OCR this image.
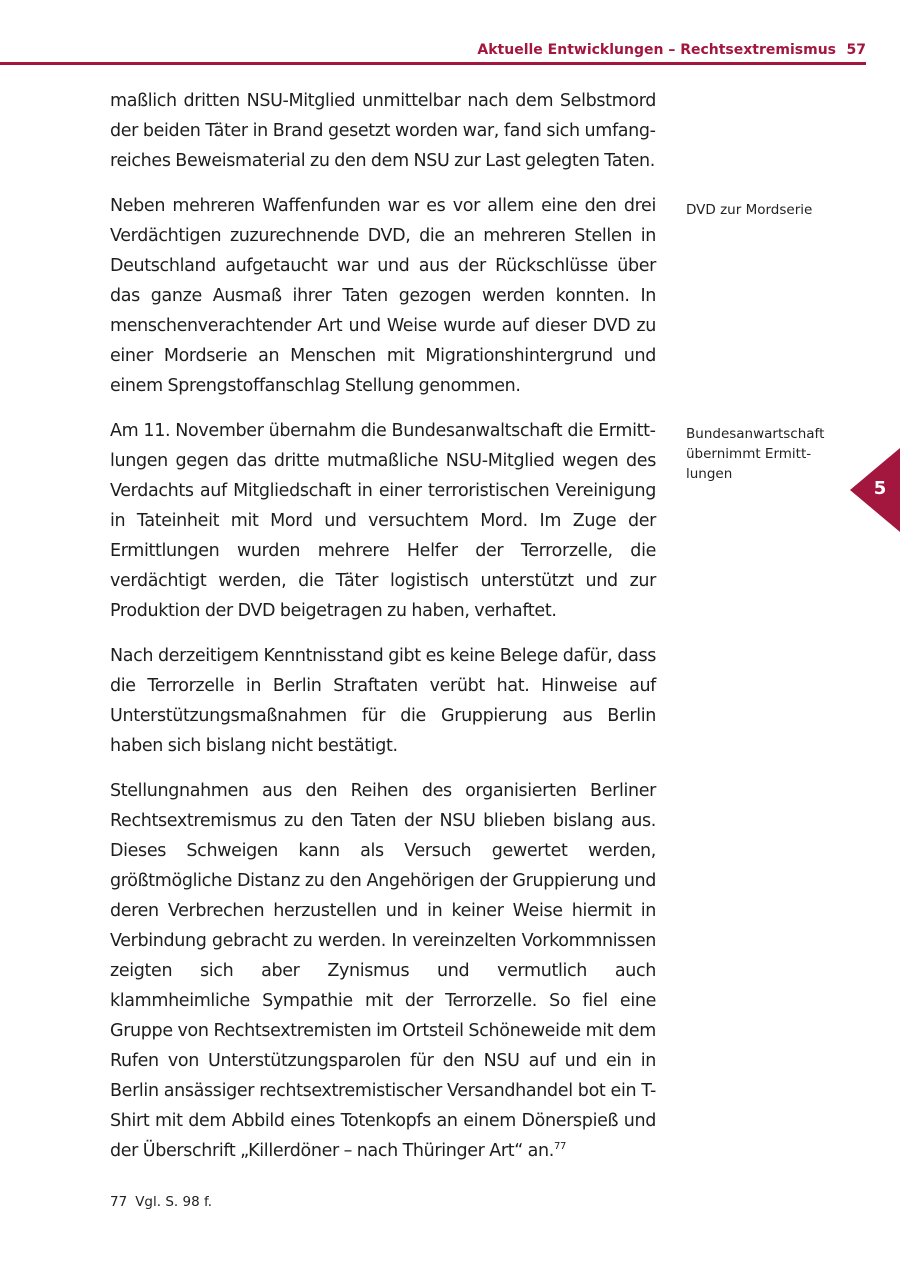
Aktuelle Entwicklungen – Rechtsextremismus 57

maßlich dritten NSU-Mitglied unmittelbar nach dem Selbstmord der beiden Täter in Brand gesetzt worden war, fand sich umfangreiches Beweismaterial zu den dem NSU zur Last gelegten Taten.

Neben mehreren Waffenfunden war es vor allem eine den drei Verdächtigen zuzurechnende DVD, die an mehreren Stellen in Deutschland aufgetaucht war und aus der Rückschlüsse über das ganze Ausmaß ihrer Taten gezogen werden konnten. In menschenverachtender Art und Weise wurde auf dieser DVD zu einer Mordserie an Menschen mit Migrationshintergrund und einem Sprengstoffanschlag Stellung genommen.

Am 11. November übernahm die Bundesanwaltschaft die Ermittlungen gegen das dritte mutmaßliche NSU-Mitglied wegen des Verdachts auf Mitgliedschaft in einer terroristischen Vereinigung in Tateinheit mit Mord und versuchtem Mord. Im Zuge der Ermittlungen wurden mehrere Helfer der Terrorzelle, die verdächtigt werden, die Täter logistisch unterstützt und zur Produktion der DVD beigetragen zu haben, verhaftet.

Nach derzeitigem Kenntnisstand gibt es keine Belege dafür, dass die Terrorzelle in Berlin Straftaten verübt hat. Hinweise auf Unterstützungsmaßnahmen für die Gruppierung aus Berlin haben sich bislang nicht bestätigt.

Stellungnahmen aus den Reihen des organisierten Berliner Rechtsextremismus zu den Taten der NSU blieben bislang aus. Dieses Schweigen kann als Versuch gewertet werden, größtmögliche Distanz zu den Angehörigen der Gruppierung und deren Verbrechen herzustellen und in keiner Weise hiermit in Verbindung gebracht zu werden. In vereinzelten Vorkommnissen zeigten sich aber Zynismus und vermutlich auch klammheimliche Sympathie mit der Terrorzelle. So fiel eine Gruppe von Rechtsextremisten im Ortsteil Schöneweide mit dem Rufen von Unterstützungsparolen für den NSU auf und ein in Berlin ansässiger rechtsextremistischer Versandhandel bot ein T-Shirt mit dem Abbild eines Totenkopfs an einem Dönerspieß und der Überschrift „Killerdöner – nach Thüringer Art“ an.$^{77}$

DVD zur Mordserie
Bundesanwartschaft übernimmt Ermitt-lungen
5
77 Vgl. S. 98 f.
